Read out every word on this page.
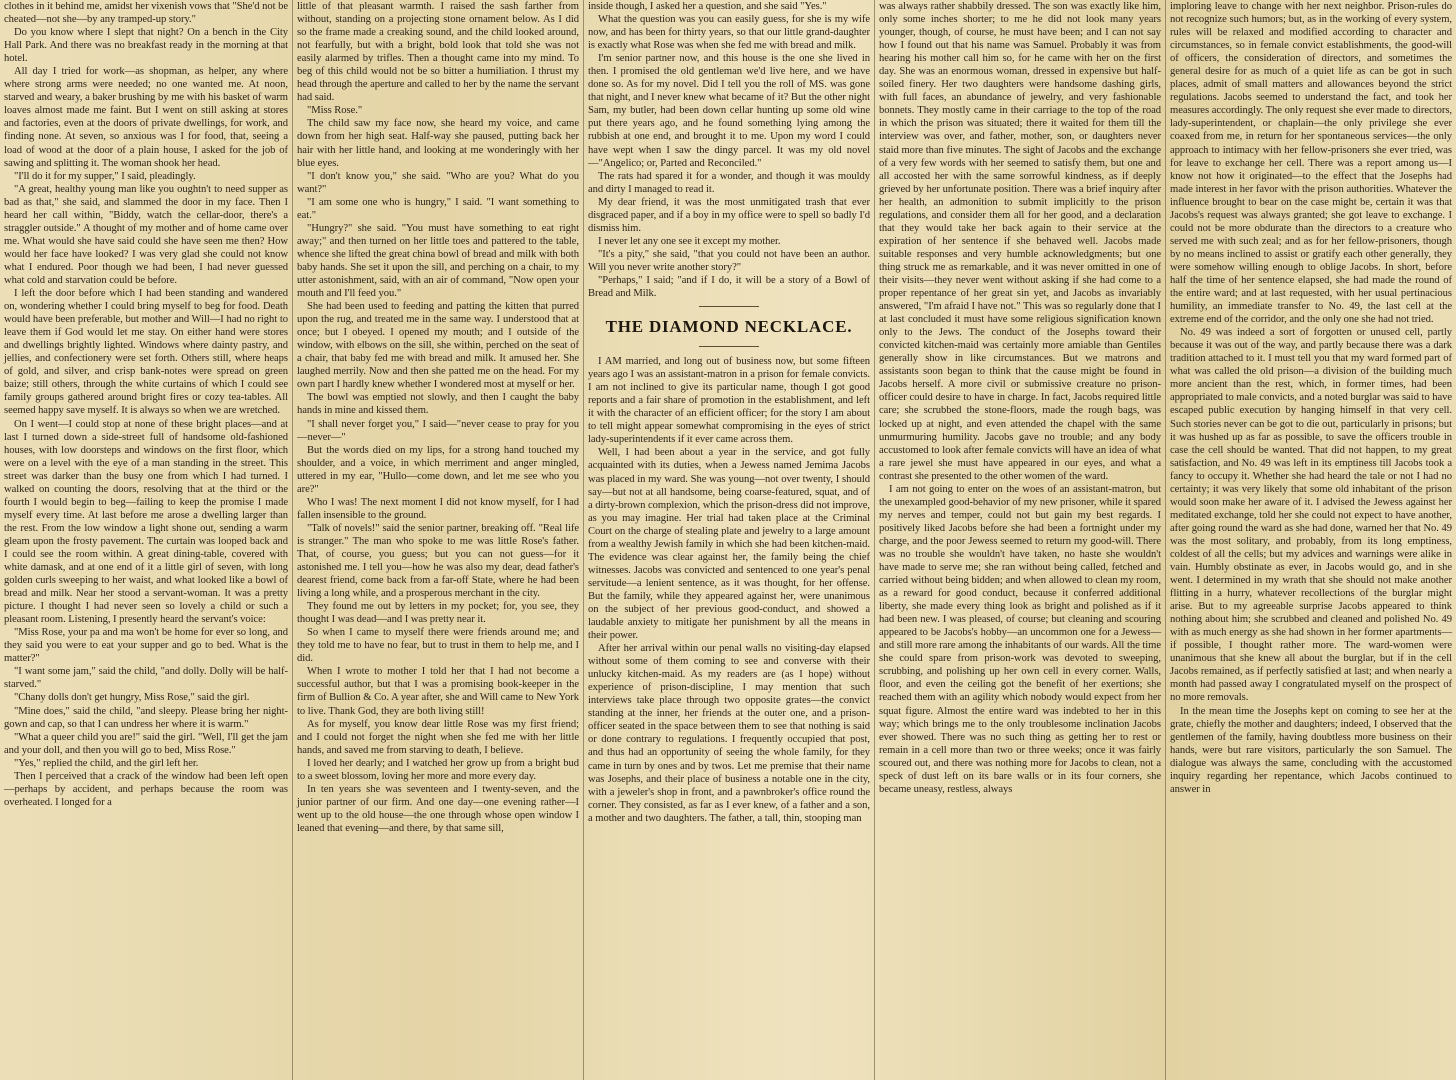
clothes in it behind me, amidst her vixenish vows that "She'd not be cheated—not she—by any tramped-up story."

Do you know where I slept that night? On a bench in the City Hall Park. And there was no breakfast ready in the morning at that hotel.

All day I tried for work—as shopman, as helper, any where where strong arms were needed; no one wanted me. At noon, starved and weary, a baker brushing by me with his basket of warm loaves almost made me faint. But I went on still asking at stores and factories, even at the doors of private dwellings, for work, and finding none. At seven, so anxious was I for food, that, seeing a load of wood at the door of a plain house, I asked for the job of sawing and splitting it. The woman shook her head.

"I'll do it for my supper," I said, pleadingly.

"A great, healthy young man like you oughtn't to need supper as bad as that," she said, and slammed the door in my face. Then I heard her call within, "Biddy, watch the cellar-door, there's a straggler outside." A thought of my mother and of home came over me. What would she have said could she have seen me then? How would her face have looked? I was very glad she could not know what I endured. Poor though we had been, I had never guessed what cold and starvation could be before.

I left the door before which I had been standing and wandered on, wondering whether I could bring myself to beg for food. Death would have been preferable, but mother and Will—I had no right to leave them if God would let me stay. On either hand were stores and dwellings brightly lighted. Windows where dainty pastry, and jellies, and confectionery were set forth. Others still, where heaps of gold, and silver, and crisp bank-notes were spread on green baize; still others, through the white curtains of which I could see family groups gathered around bright fires or cozy tea-tables. All seemed happy save myself. It is always so when we are wretched.

On I went—I could stop at none of these bright places—and at last I turned down a side-street full of handsome old-fashioned houses, with low doorsteps and windows on the first floor, which were on a level with the eye of a man standing in the street. This street was darker than the busy one from which I had turned. I walked on counting the doors, resolving that at the third or the fourth I would begin to beg—failing to keep the promise I made myself every time. At last before me arose a dwelling larger than the rest. From the low window a light shone out, sending a warm gleam upon the frosty pavement. The curtain was looped back and I could see the room within. A great dining-table, covered with white damask, and at one end of it a little girl of seven, with long golden curls sweeping to her waist, and what looked like a bowl of bread and milk. Near her stood a servant-woman. It was a pretty picture. I thought I had never seen so lovely a child or such a pleasant room. Listening, I presently heard the servant's voice:

"Miss Rose, your pa and ma won't be home for ever so long, and they said you were to eat your supper and go to bed. What is the matter?"

"I want some jam," said the child, "and dolly. Dolly will be half-starved."

"Chany dolls don't get hungry, Miss Rose," said the girl.

"Mine does," said the child, "and sleepy. Please bring her night-gown and cap, so that I can undress her where it is warm."

"What a queer child you are!" said the girl. "Well, I'll get the jam and your doll, and then you will go to bed, Miss Rose."

"Yes," replied the child, and the girl left her.

Then I perceived that a crack of the window had been left open—perhaps by accident, and perhaps because the room was overheated. I longed for a

little of that pleasant warmth. I raised the sash farther from without, standing on a projecting stone ornament below. As I did so the frame made a creaking sound, and the child looked around, not fearfully, but with a bright, bold look that told she was not easily alarmed by trifles. Then a thought came into my mind. To beg of this child would not be so bitter a humiliation. I thrust my head through the aperture and called to her by the name the servant had said.

"Miss Rose."

The child saw my face now, she heard my voice, and came down from her high seat. Half-way she paused, putting back her hair with her little hand, and looking at me wonderingly with her blue eyes.

"I don't know you," she said. "Who are you? What do you want?"

"I am some one who is hungry," I said. "I want something to eat."

"Hungry?" she said. "You must have something to eat right away;" and then turned on her little toes and pattered to the table, whence she lifted the great china bowl of bread and milk with both baby hands. She set it upon the sill, and perching on a chair, to my utter astonishment, said, with an air of command, "Now open your mouth and I'll feed you."

She had been used to feeding and patting the kitten that purred upon the rug, and treated me in the same way. I understood that at once; but I obeyed. I opened my mouth; and I outside of the window, with elbows on the sill, she within, perched on the seat of a chair, that baby fed me with bread and milk. It amused her. She laughed merrily. Now and then she patted me on the head. For my own part I hardly knew whether I wondered most at myself or her.

The bowl was emptied not slowly, and then I caught the baby hands in mine and kissed them.

"I shall never forget you," I said—"never cease to pray for you—never—"

But the words died on my lips, for a strong hand touched my shoulder, and a voice, in which merriment and anger mingled, uttered in my ear, "Hullo—come down, and let me see who you are?"

Who I was! The next moment I did not know myself, for I had fallen insensible to the ground.

"Talk of novels!" said the senior partner, breaking off. "Real life is stranger." The man who spoke to me was little Rose's father. That, of course, you guess; but you can not guess—for it astonished me. I tell you—how he was also my dear, dead father's dearest friend, come back from a far-off State, where he had been living a long while, and a prosperous merchant in the city.

They found me out by letters in my pocket; for, you see, they thought I was dead—and I was pretty near it.

So when I came to myself there were friends around me; and they told me to have no fear, but to trust in them to help me, and I did.

When I wrote to mother I told her that I had not become a successful author, but that I was a promising book-keeper in the firm of Bullion & Co. A year after, she and Will came to New York to live. Thank God, they are both living still!

As for myself, you know dear little Rose was my first friend; and I could not forget the night when she fed me with her little hands, and saved me from starving to death, I believe.

I loved her dearly; and I watched her grow up from a bright bud to a sweet blossom, loving her more and more every day.

In ten years she was seventeen and I twenty-seven, and the junior partner of our firm. And one day—one evening rather—I went up to the old house—the one through whose open window I leaned that evening—and there, by that same sill,

inside though, I asked her a question, and she said "Yes."

What the question was you can easily guess, for she is my wife now, and has been for thirty years, so that our little grand-daughter is exactly what Rose was when she fed me with bread and milk.

I'm senior partner now, and this house is the one she lived in then. I promised the old gentleman we'd live here, and we have done so. As for my novel. Did I tell you the roll of MS. was gone that night, and I never knew what became of it? But the other night Sam, my butler, had been down cellar hunting up some old wine put there years ago, and he found something lying among the rubbish at one end, and brought it to me. Upon my word I could have wept when I saw the dingy parcel. It was my old novel—"Angelico; or, Parted and Reconciled."

The rats had spared it for a wonder, and though it was mouldy and dirty I managed to read it.

My dear friend, it was the most unmitigated trash that ever disgraced paper, and if a boy in my office were to spell so badly I'd dismiss him.

I never let any one see it except my mother.

"It's a pity," she said, "that you could not have been an author. Will you never write another story?"

"Perhaps," I said; "and if I do, it will be a story of a Bowl of Bread and Milk.

THE DIAMOND NECKLACE.

I AM married, and long out of business now, but some fifteen years ago I was an assistant-matron in a prison for female convicts. I am not inclined to give its particular name, though I got good reports and a fair share of promotion in the establishment, and left it with the character of an efficient officer; for the story I am about to tell might appear somewhat compromising in the eyes of strict lady-superintendents if it ever came across them.

Well, I had been about a year in the service, and got fully acquainted with its duties, when a Jewess named Jemima Jacobs was placed in my ward. She was young—not over twenty, I should say—but not at all handsome, being coarse-featured, squat, and of a dirty-brown complexion, which the prison-dress did not improve, as you may imagine. Her trial had taken place at the Criminal Court on the charge of stealing plate and jewelry to a large amount from a wealthy Jewish family in which she had been kitchen-maid. The evidence was clear against her, the family being the chief witnesses. Jacobs was convicted and sentenced to one year's penal servitude—a lenient sentence, as it was thought, for her offense. But the family, while they appeared against her, were unanimous on the subject of her previous good-conduct, and showed a laudable anxiety to mitigate her punishment by all the means in their power.

After her arrival within our penal walls no visiting-day elapsed without some of them coming to see and converse with their unlucky kitchen-maid. As my readers are (as I hope) without experience of prison-discipline, I may mention that such interviews take place through two opposite grates—the convict standing at the inner, her friends at the outer one, and a prison-officer seated in the space between them to see that nothing is said or done contrary to regulations. I frequently occupied that post, and thus had an opportunity of seeing the whole family, for they came in turn by ones and by twos. Let me premise that their name was Josephs, and their place of business a notable one in the city, with a jeweler's shop in front, and a pawnbroker's office round the corner. They consisted, as far as I ever knew, of a father and a son, a mother and two daughters. The father, a tall, thin, stooping man

was always rather shabbily dressed. The son was exactly like him, only some inches shorter; to me he did not look many years younger, though, of course, he must have been; and I can not say how I found out that his name was Samuel. Probably it was from hearing his mother call him so, for he came with her on the first day. She was an enormous woman, dressed in expensive but half-soiled finery. Her two daughters were handsome dashing girls, with full faces, an abundance of jewelry, and very fashionable bonnets. They mostly came in their carriage to the top of the road in which the prison was situated; there it waited for them till the interview was over, and father, mother, son, or daughters never staid more than five minutes. The sight of Jacobs and the exchange of a very few words with her seemed to satisfy them, but one and all accosted her with the same sorrowful kindness, as if deeply grieved by her unfortunate position. There was a brief inquiry after her health, an admonition to submit implicitly to the prison regulations, and consider them all for her good, and a declaration that they would take her back again to their service at the expiration of her sentence if she behaved well. Jacobs made suitable responses and very humble acknowledgments; but one thing struck me as remarkable, and it was never omitted in one of their visits—they never went without asking if she had come to a proper repentance of her great sin yet, and Jacobs as invariably answered, "I'm afraid I have not." This was so regularly done that I at last concluded it must have some religious signification known only to the Jews. The conduct of the Josephs toward their convicted kitchen-maid was certainly more amiable than Gentiles generally show in like circumstances. But we matrons and assistants soon began to think that the cause might be found in Jacobs herself. A more civil or submissive creature no prison-officer could desire to have in charge. In fact, Jacobs required little care; she scrubbed the stone-floors, made the rough bags, was locked up at night, and even attended the chapel with the same unmurmuring humility. Jacobs gave no trouble; and any body accustomed to look after female convicts will have an idea of what a rare jewel she must have appeared in our eyes, and what a contrast she presented to the other women of the ward.

I am not going to enter on the woes of an assistant-matron, but the unexampled good-behavior of my new prisoner, while it spared my nerves and temper, could not but gain my best regards. I positively liked Jacobs before she had been a fortnight under my charge, and the poor Jewess seemed to return my good-will. There was no trouble she wouldn't have taken, no haste she wouldn't have made to serve me; she ran without being called, fetched and carried without being bidden; and when allowed to clean my room, as a reward for good conduct, because it conferred additional liberty, she made every thing look as bright and polished as if it had been new. I was pleased, of course; but cleaning and scouring appeared to be Jacobs's hobby—an uncommon one for a Jewess—and still more rare among the inhabitants of our wards. All the time she could spare from prison-work was devoted to sweeping, scrubbing, and polishing up her own cell in every corner. Walls, floor, and even the ceiling got the benefit of her exertions; she reached them with an agility which nobody would expect from her squat figure. Almost the entire ward was indebted to her in this way; which brings me to the only troublesome inclination Jacobs ever showed. There was no such thing as getting her to rest or remain in a cell more than two or three weeks; once it was fairly scoured out, and there was nothing more for Jacobs to clean, not a speck of dust left on its bare walls or in its four corners, she became uneasy, restless, always

imploring leave to change with her next neighbor. Prison-rules do not recognize such humors; but, as in the working of every system, rules will be relaxed and modified according to character and circumstances, so in female convict establishments, the good-will of officers, the consideration of directors, and sometimes the general desire for as much of a quiet life as can be got in such places, admit of small matters and allowances beyond the strict regulations. Jacobs seemed to understand the fact, and took her measures accordingly. The only request she ever made to directors, lady-superintendent, or chaplain—the only privilege she ever coaxed from me, in return for her spontaneous services—the only approach to intimacy with her fellow-prisoners she ever tried, was for leave to exchange her cell. There was a report among us—I know not how it originated—to the effect that the Josephs had made interest in her favor with the prison authorities. Whatever the influence brought to bear on the case might be, certain it was that Jacobs's request was always granted; she got leave to exchange. I could not be more obdurate than the directors to a creature who served me with such zeal; and as for her fellow-prisoners, though by no means inclined to assist or gratify each other generally, they were somehow willing enough to oblige Jacobs. In short, before half the time of her sentence elapsed, she had made the round of the entire ward; and at last requested, with her usual pertinacious humility, an immediate transfer to No. 49, the last cell at the extreme end of the corridor, and the only one she had not tried.

No. 49 was indeed a sort of forgotten or unused cell, partly because it was out of the way, and partly because there was a dark tradition attached to it. I must tell you that my ward formed part of what was called the old prison—a division of the building much more ancient than the rest, which, in former times, had been appropriated to male convicts, and a noted burglar was said to have escaped public execution by hanging himself in that very cell. Such stories never can be got to die out, particularly in prisons; but it was hushed up as far as possible, to save the officers trouble in case the cell should be wanted. That did not happen, to my great satisfaction, and No. 49 was left in its emptiness till Jacobs took a fancy to occupy it. Whether she had heard the tale or not I had no certainty; it was very likely that some old inhabitant of the prison would soon make her aware of it. I advised the Jewess against her meditated exchange, told her she could not expect to have another, after going round the ward as she had done, warned her that No. 49 was the most solitary, and probably, from its long emptiness, coldest of all the cells; but my advices and warnings were alike in vain. Humbly obstinate as ever, in Jacobs would go, and in she went. I determined in my wrath that she should not make another flitting in a hurry, whatever recollections of the burglar might arise. But to my agreeable surprise Jacobs appeared to think nothing about him; she scrubbed and cleaned and polished No. 49 with as much energy as she had shown in her former apartments—if possible, I thought rather more. The ward-women were unanimous that she knew all about the burglar, but if in the cell Jacobs remained, as if perfectly satisfied at last; and when nearly a month had passed away I congratulated myself on the prospect of no more removals.

In the mean time the Josephs kept on coming to see her at the grate, chiefly the mother and daughters; indeed, I observed that the gentlemen of the family, having doubtless more business on their hands, were but rare visitors, particularly the son Samuel. The dialogue was always the same, concluding with the accustomed inquiry regarding her repentance, which Jacobs continued to answer in
